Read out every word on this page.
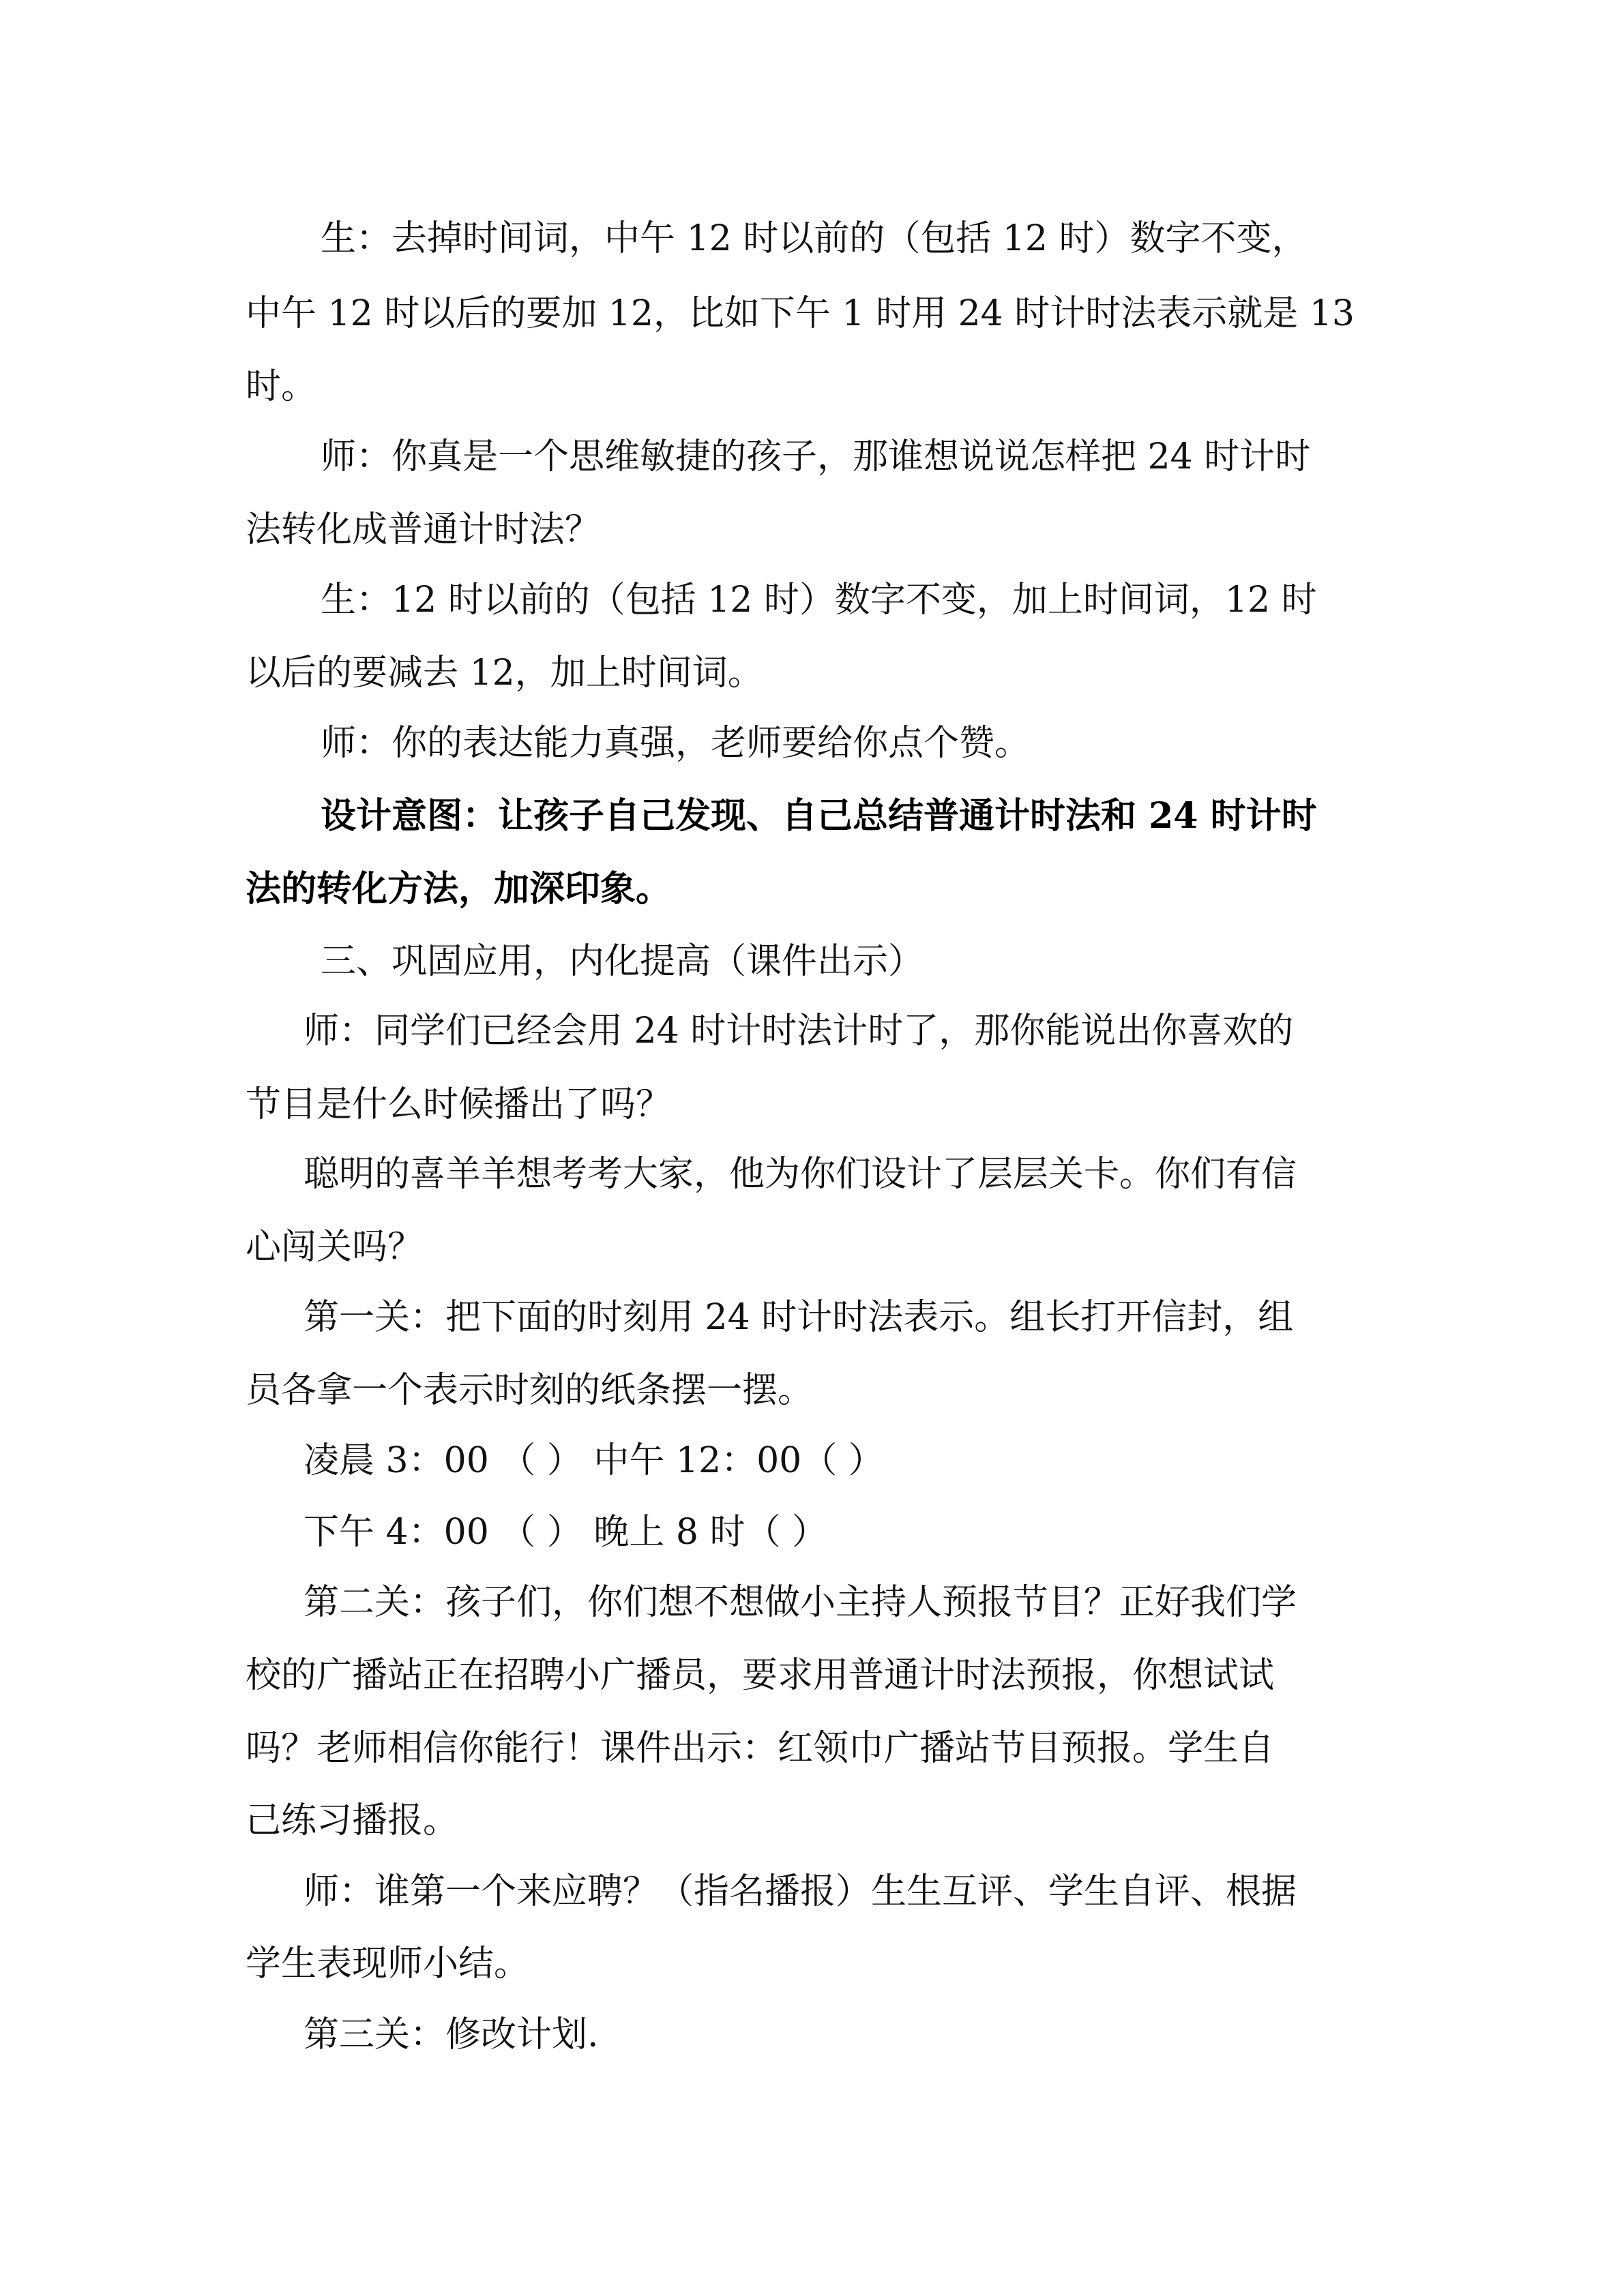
生：去掉时间词，中午 12 时以前的（包括 12 时）数字不变，
中午 12 时以后的要加 12，比如下午 1 时用 24 时计时法表示就是 13
时。
师：你真是一个思维敏捷的孩子，那谁想说说怎样把 24 时计时
法转化成普通计时法？
生：12 时以前的（包括 12 时）数字不变，加上时间词，12 时
以后的要减去 12，加上时间词。
师：你的表达能力真强，老师要给你点个赞。
设计意图：让孩子自己发现、自己总结普通计时法和 24 时计时
法的转化方法，加深印象。
三、巩固应用，内化提高（课件出示）
师：同学们已经会用 24 时计时法计时了，那你能说出你喜欢的
节目是什么时候播出了吗？
聪明的喜羊羊想考考大家，他为你们设计了层层关卡。你们有信
心闯关吗？
第一关：把下面的时刻用 24 时计时法表示。组长打开信封，组
员各拿一个表示时刻的纸条摆一摆。
凌晨 3：00 （ ） 中午 12：00（ ）
下午 4：00 （ ） 晚上 8 时（ ）
第二关：孩子们，你们想不想做小主持人预报节目？正好我们学
校的广播站正在招聘小广播员，要求用普通计时法预报，你想试试
吗？老师相信你能行！课件出示：红领巾广播站节目预报。学生自
己练习播报。
师：谁第一个来应聘？（指名播报）生生互评、学生自评、根据
学生表现师小结。
第三关：修改计划.
